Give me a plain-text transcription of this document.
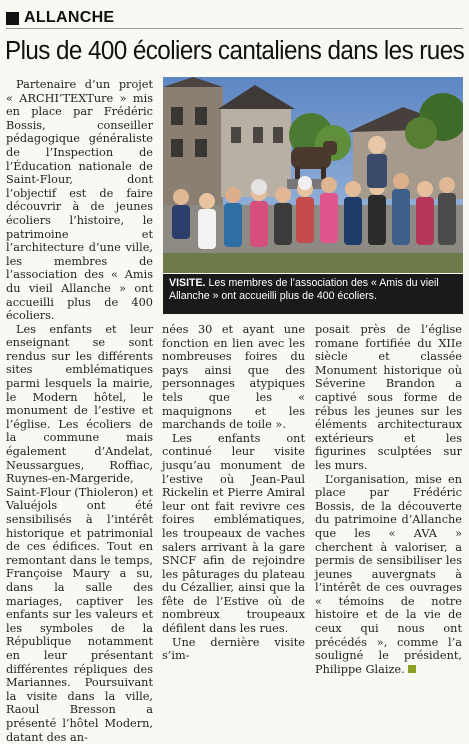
ALLANCHE
Plus de 400 écoliers cantaliens dans les rues

Partenaire d’un projet « ARCHI’TEXTure » mis en place par Frédéric Bossis, conseiller pédagogique généraliste de l’Inspection de l’Éducation nationale de Saint-Flour, dont l’objectif est de faire découvrir à de jeunes écoliers l’histoire, le patrimoine et l’architecture d’une ville, les membres de l’association des « Amis du vieil Allanche » ont accueilli plus de 400 écoliers.

Les enfants et leur enseignant se sont rendus sur les différents sites emblématiques parmi lesquels la mairie, le Modern hôtel, le monument de l’estive et l’église. Les écoliers de la commune mais également d’Andelat, Neussargues, Roffiac, Ruynes-en-Margeride, Saint-Flour (Thioleron) et Valuéjols ont été sensibilisés à l’intérêt historique et patrimonial de ces édifices. Tout en remontant dans le temps, Françoise Maury a su, dans la salle des mariages, captiver les enfants sur les valeurs et les symboles de la République notamment en leur présentant différentes répliques des Mariannes. Poursuivant la visite dans la ville, Raoul Bresson a présenté l’hôtel Modern, datant des an-

VISITE. Les membres de l’association des « Amis du vieil Allanche » ont accueilli plus de 400 écoliers.

nées 30 et ayant une fonction en lien avec les nombreuses foires du pays ainsi que des personnages atypiques tels que les « maquignons et les marchands de toile ».

Les enfants ont continué leur visite jusqu’au monument de l’estive où Jean-Paul Rickelin et Pierre Amiral leur ont fait revivre ces foires emblématiques, les troupeaux de vaches salers arrivant à la gare SNCF afin de rejoindre les pâturages du plateau du Cézallier, ainsi que la fête de l’Estive où de nombreux troupeaux défilent dans les rues.

Une dernière visite s’im-

posait près de l’église romane fortifiée du XIIe siècle et classée Monument historique où Séverine Brandon a captivé sous forme de rébus les jeunes sur les éléments architecturaux extérieurs et les figurines sculptées sur les murs.

L’organisation, mise en place par Frédéric Bossis, de la découverte du patrimoine d’Allanche que les « AVA » cherchent à valoriser, a permis de sensibiliser les jeunes auvergnats à l’intérêt de ces ouvrages « témoins de notre histoire et de la vie de ceux qui nous ont précédés », comme l’a souligné le président, Philippe Glaize.
